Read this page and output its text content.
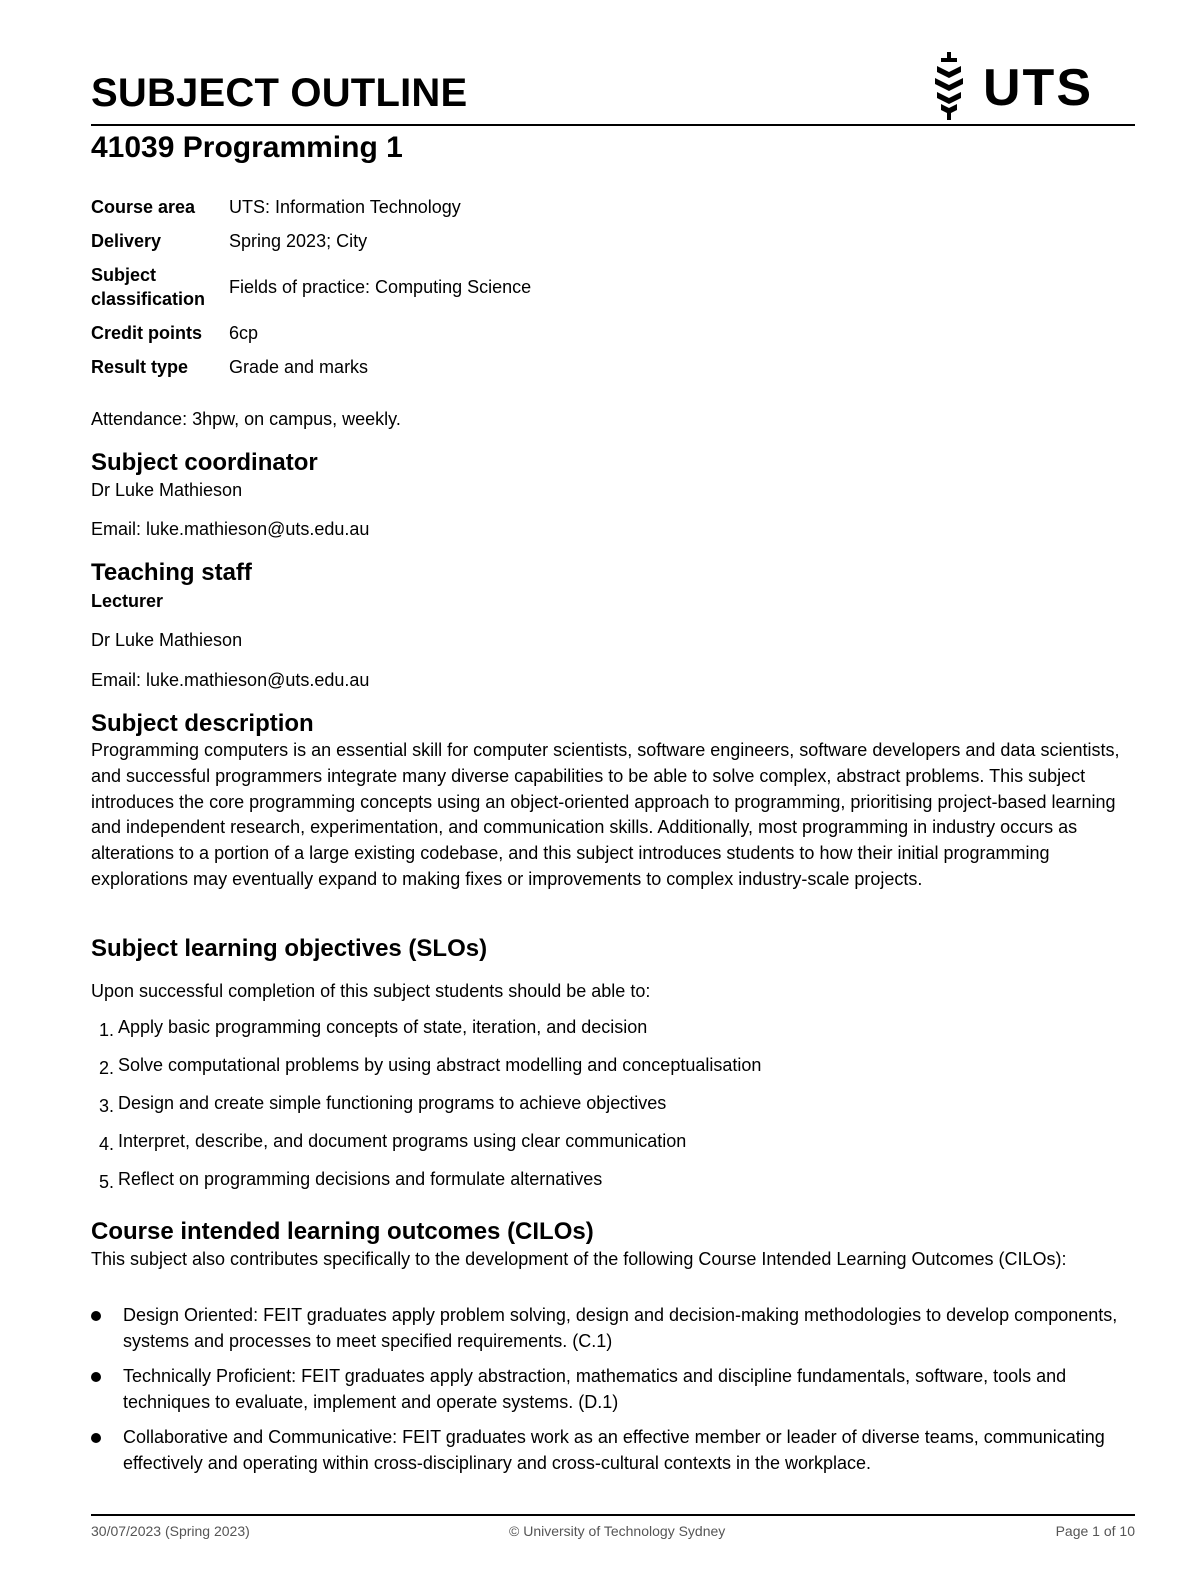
SUBJECT OUTLINE	UTS
41039 Programming 1
Course area	UTS: Information Technology
Delivery	Spring 2023; City
Subject
classification	Fields of practice: Computing Science
Credit points	6cp
Result type	Grade and marks
Attendance: 3hpw, on campus, weekly.
Subject coordinator
Dr Luke Mathieson
Email: luke.mathieson@uts.edu.au
Teaching staff
Lecturer
Dr Luke Mathieson
Email: luke.mathieson@uts.edu.au
Subject description
Programming computers is an essential skill for computer scientists, software engineers, software developers and data scientists, and successful programmers integrate many diverse capabilities to be able to solve complex, abstract problems. This subject introduces the core programming concepts using an object-oriented approach to programming, prioritising project-based learning and independent research, experimentation, and communication skills. Additionally, most programming in industry occurs as alterations to a portion of a large existing codebase, and this subject introduces students to how their initial programming explorations may eventually expand to making fixes or improvements to complex industry-scale projects.
Subject learning objectives (SLOs)
Upon successful completion of this subject students should be able to:
1. Apply basic programming concepts of state, iteration, and decision
2. Solve computational problems by using abstract modelling and conceptualisation
3. Design and create simple functioning programs to achieve objectives
4. Interpret, describe, and document programs using clear communication
5. Reflect on programming decisions and formulate alternatives
Course intended learning outcomes (CILOs)
This subject also contributes specifically to the development of the following Course Intended Learning Outcomes (CILOs):
Design Oriented: FEIT graduates apply problem solving, design and decision-making methodologies to develop components, systems and processes to meet specified requirements. (C.1)
Technically Proficient: FEIT graduates apply abstraction, mathematics and discipline fundamentals, software, tools and techniques to evaluate, implement and operate systems. (D.1)
Collaborative and Communicative: FEIT graduates work as an effective member or leader of diverse teams, communicating effectively and operating within cross-disciplinary and cross-cultural contexts in the workplace.
30/07/2023 (Spring 2023)	© University of Technology Sydney	Page 1 of 10
